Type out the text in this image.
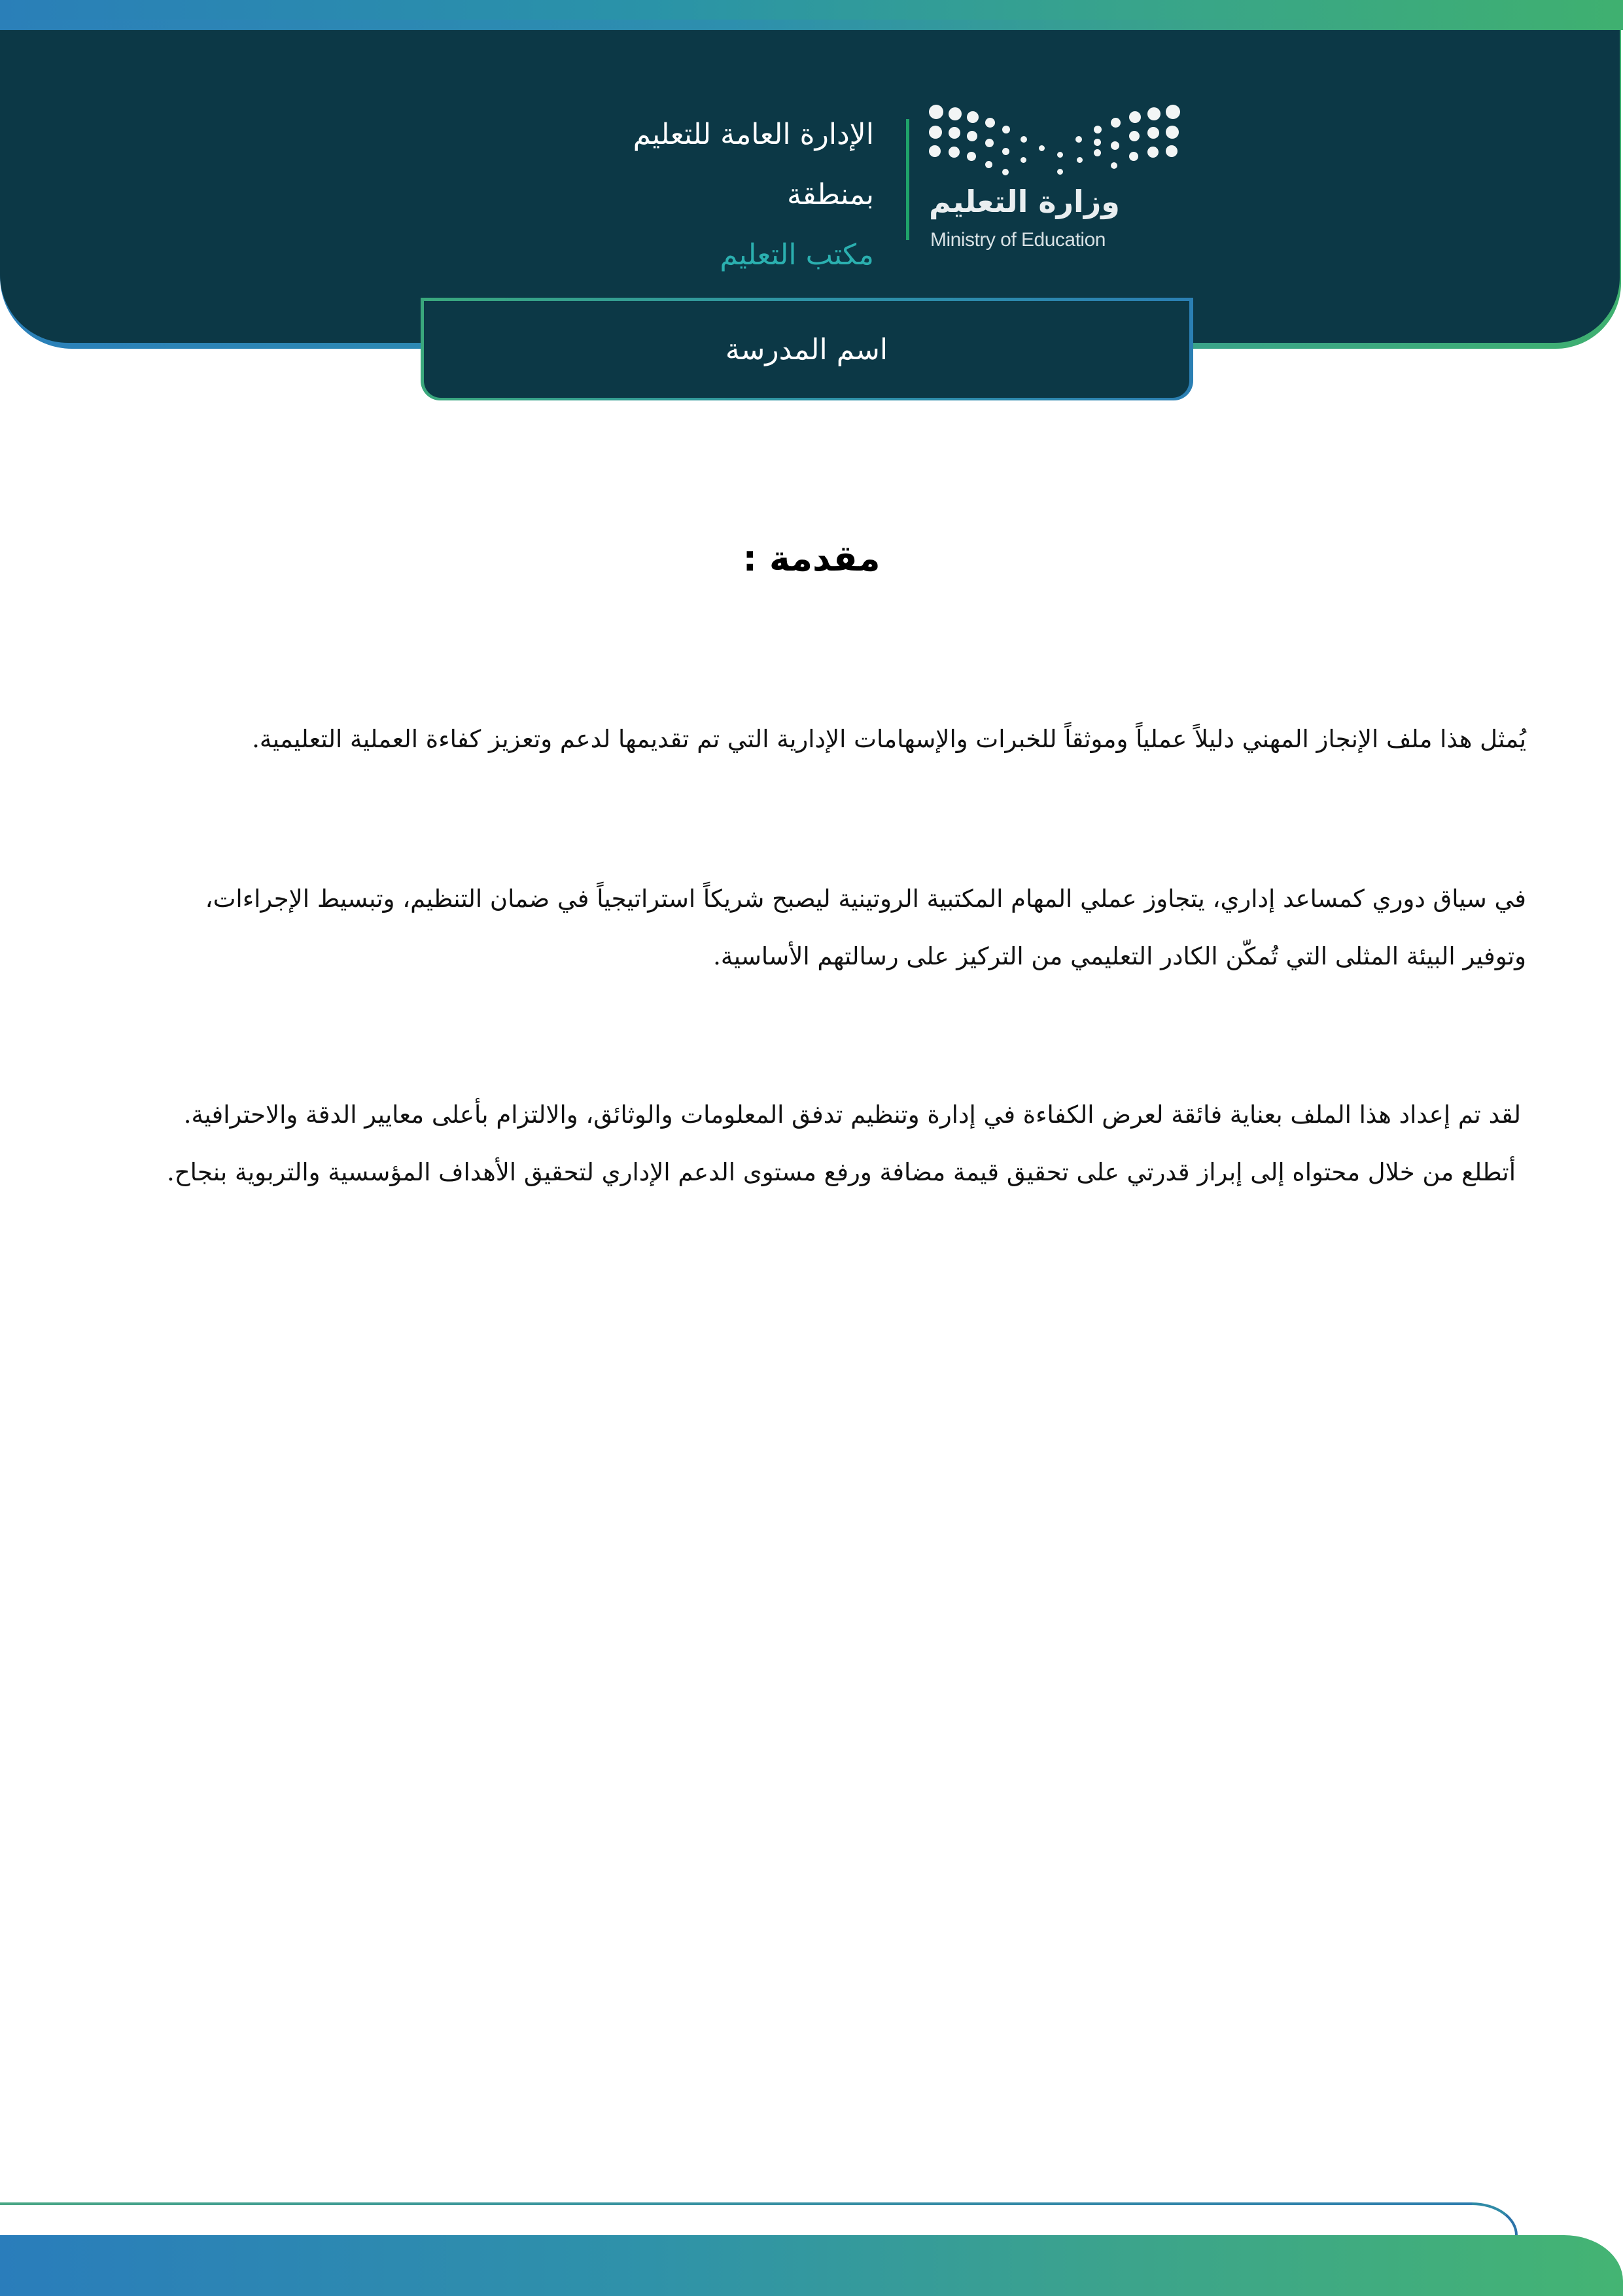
وزارة التعليم
Ministry of Education
الإدارة العامة للتعليم
بمنطقة
مكتب التعليم
اسم المدرسة
مقدمة :
يُمثل هذا ملف الإنجاز المهني دليلاً عملياً وموثقاً للخبرات والإسهامات الإدارية التي تم تقديمها لدعم وتعزيز كفاءة العملية التعليمية.
في سياق دوري كمساعد إداري، يتجاوز عملي المهام المكتبية الروتينية ليصبح شريكاً استراتيجياً في ضمان التنظيم، وتبسيط الإجراءات،
وتوفير البيئة المثلى التي تُمكّن الكادر التعليمي من التركيز على رسالتهم الأساسية.
لقد تم إعداد هذا الملف بعناية فائقة لعرض الكفاءة في إدارة وتنظيم تدفق المعلومات والوثائق، والالتزام بأعلى معايير الدقة والاحترافية.
أتطلع من خلال محتواه إلى إبراز قدرتي على تحقيق قيمة مضافة ورفع مستوى الدعم الإداري لتحقيق الأهداف المؤسسية والتربوية بنجاح.
